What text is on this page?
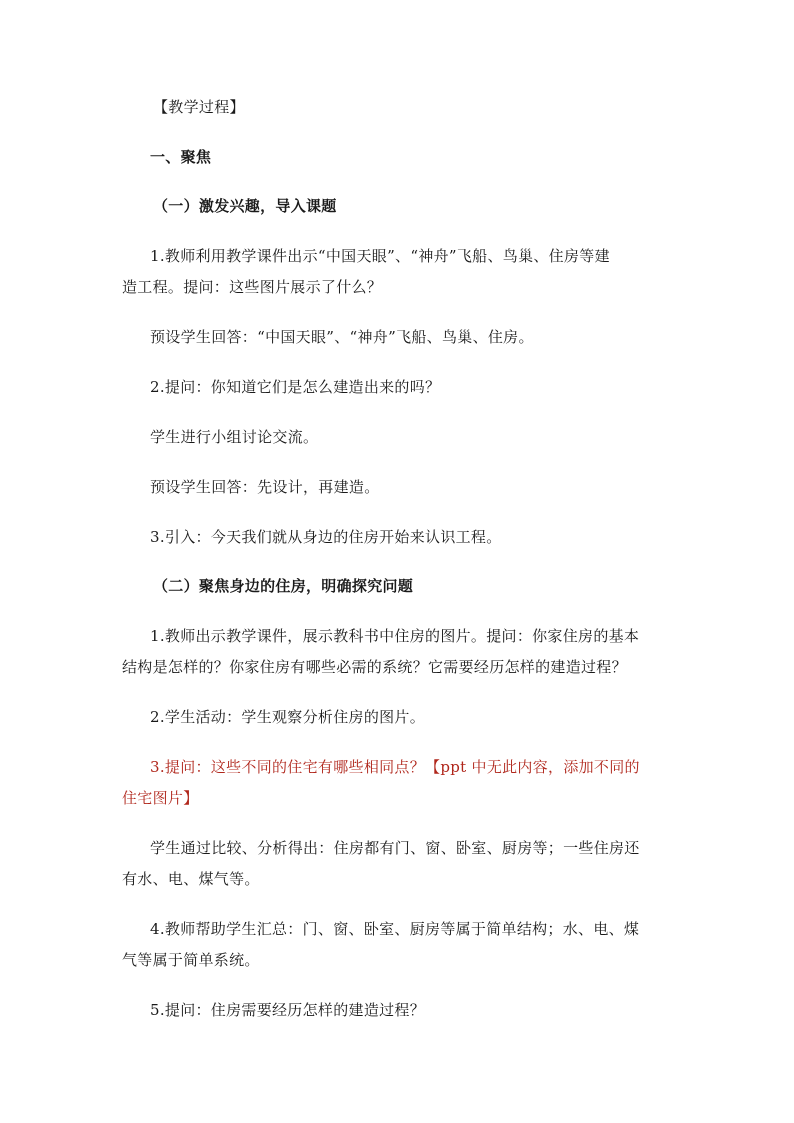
【教学过程】
一、聚焦
（一）激发兴趣，导入课题
1.教师利用教学课件出示“中国天眼”、“神舟”飞船、鸟巢、住房等建
造工程。提问：这些图片展示了什么？
预设学生回答：“中国天眼”、“神舟”飞船、鸟巢、住房。
2.提问：你知道它们是怎么建造出来的吗？
学生进行小组讨论交流。
预设学生回答：先设计，再建造。
3.引入：今天我们就从身边的住房开始来认识工程。
（二）聚焦身边的住房，明确探究问题
1.教师出示教学课件，展示教科书中住房的图片。提问：你家住房的基本
结构是怎样的？你家住房有哪些必需的系统？它需要经历怎样的建造过程？
2.学生活动：学生观察分析住房的图片。
3.提问：这些不同的住宅有哪些相同点？【ppt 中无此内容，添加不同的
住宅图片】
学生通过比较、分析得出：住房都有门、窗、卧室、厨房等；一些住房还
有水、电、煤气等。
4.教师帮助学生汇总：门、窗、卧室、厨房等属于简单结构；水、电、煤
气等属于简单系统。
5.提问：住房需要经历怎样的建造过程？
